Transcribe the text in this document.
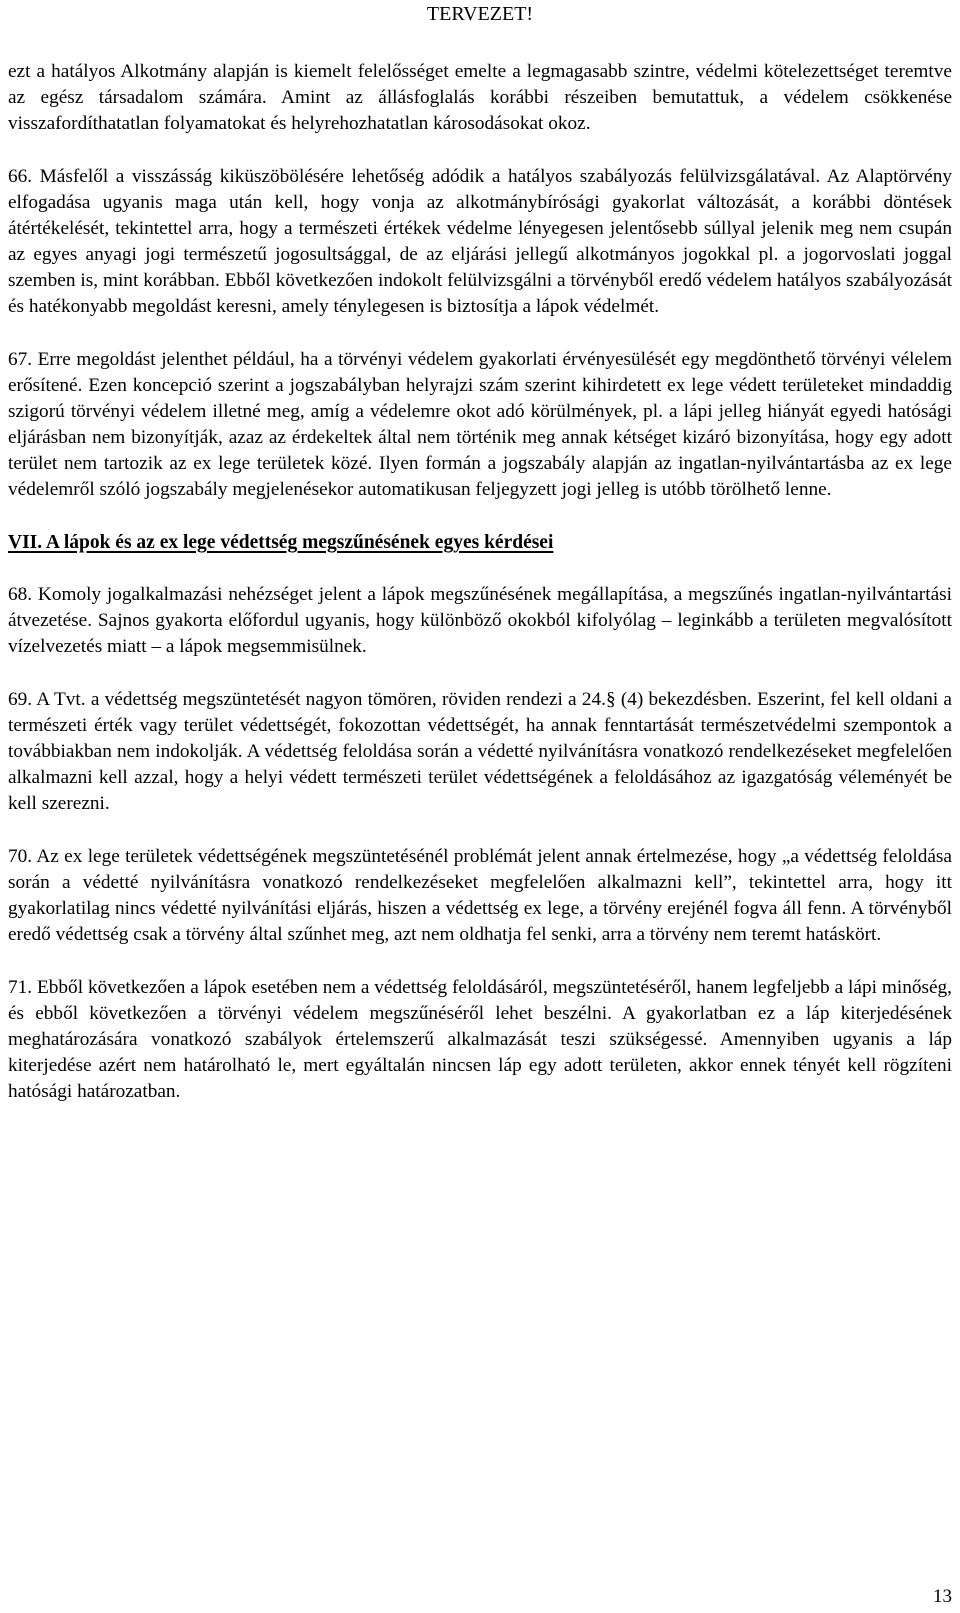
TERVEZET!

ezt a hatályos Alkotmány alapján is kiemelt felelősséget emelte a legmagasabb szintre, védelmi kötelezettséget teremtve az egész társadalom számára. Amint az állásfoglalás korábbi részeiben bemutattuk, a védelem csökkenése visszafordíthatatlan folyamatokat és helyrehozhatatlan károsodásokat okoz.

66. Másfelől a visszásság kiküszöbölésére lehetőség adódik a hatályos szabályozás felülvizsgálatával. Az Alaptörvény elfogadása ugyanis maga után kell, hogy vonja az alkotmánybírósági gyakorlat változását, a korábbi döntések átértékelését, tekintettel arra, hogy a természeti értékek védelme lényegesen jelentősebb súllyal jelenik meg nem csupán az egyes anyagi jogi természetű jogosultsággal, de az eljárási jellegű alkotmányos jogokkal pl. a jogorvoslati joggal szemben is, mint korábban. Ebből következően indokolt felülvizsgálni a törvényből eredő védelem hatályos szabályozását és hatékonyabb megoldást keresni, amely ténylegesen is biztosítja a lápok védelmét.

67. Erre megoldást jelenthet például, ha a törvényi védelem gyakorlati érvényesülését egy megdönthető törvényi vélelem erősítené. Ezen koncepció szerint a jogszabályban helyrajzi szám szerint kihirdetett ex lege védett területeket mindaddig szigorú törvényi védelem illetné meg, amíg a védelemre okot adó körülmények, pl. a lápi jelleg hiányát egyedi hatósági eljárásban nem bizonyítják, azaz az érdekeltek által nem történik meg annak kétséget kizáró bizonyítása, hogy egy adott terület nem tartozik az ex lege területek közé. Ilyen formán a jogszabály alapján az ingatlan-nyilvántartásba az ex lege védelemről szóló jogszabály megjelenésekor automatikusan feljegyzett jogi jelleg is utóbb törölhető lenne.

VII. A lápok és az ex lege védettség megszűnésének egyes kérdései

68. Komoly jogalkalmazási nehézséget jelent a lápok megszűnésének megállapítása, a megszűnés ingatlan-nyilvántartási átvezetése. Sajnos gyakorta előfordul ugyanis, hogy különböző okokból kifolyólag – leginkább a területen megvalósított vízelvezetés miatt – a lápok megsemmisülnek.

69. A Tvt. a védettség megszüntetését nagyon tömören, röviden rendezi a 24.§ (4) bekezdésben. Eszerint, fel kell oldani a természeti érték vagy terület védettségét, fokozottan védettségét, ha annak fenntartását természetvédelmi szempontok a továbbiakban nem indokolják. A védettség feloldása során a védetté nyilvánításra vonatkozó rendelkezéseket megfelelően alkalmazni kell azzal, hogy a helyi védett természeti terület védettségének a feloldásához az igazgatóság véleményét be kell szerezni.

70. Az ex lege területek védettségének megszüntetésénél problémát jelent annak értelmezése, hogy „a védettség feloldása során a védetté nyilvánításra vonatkozó rendelkezéseket megfelelően alkalmazni kell”, tekintettel arra, hogy itt gyakorlatilag nincs védetté nyilvánítási eljárás, hiszen a védettség ex lege, a törvény erejénél fogva áll fenn. A törvényből eredő védettség csak a törvény által szűnhet meg, azt nem oldhatja fel senki, arra a törvény nem teremt hatáskört.

71. Ebből következően a lápok esetében nem a védettség feloldásáról, megszüntetéséről, hanem legfeljebb a lápi minőség, és ebből következően a törvényi védelem megszűnéséről lehet beszélni. A gyakorlatban ez a láp kiterjedésének meghatározására vonatkozó szabályok értelemszerű alkalmazását teszi szükségessé. Amennyiben ugyanis a láp kiterjedése azért nem határolható le, mert egyáltalán nincsen láp egy adott területen, akkor ennek tényét kell rögzíteni hatósági határozatban.

13
